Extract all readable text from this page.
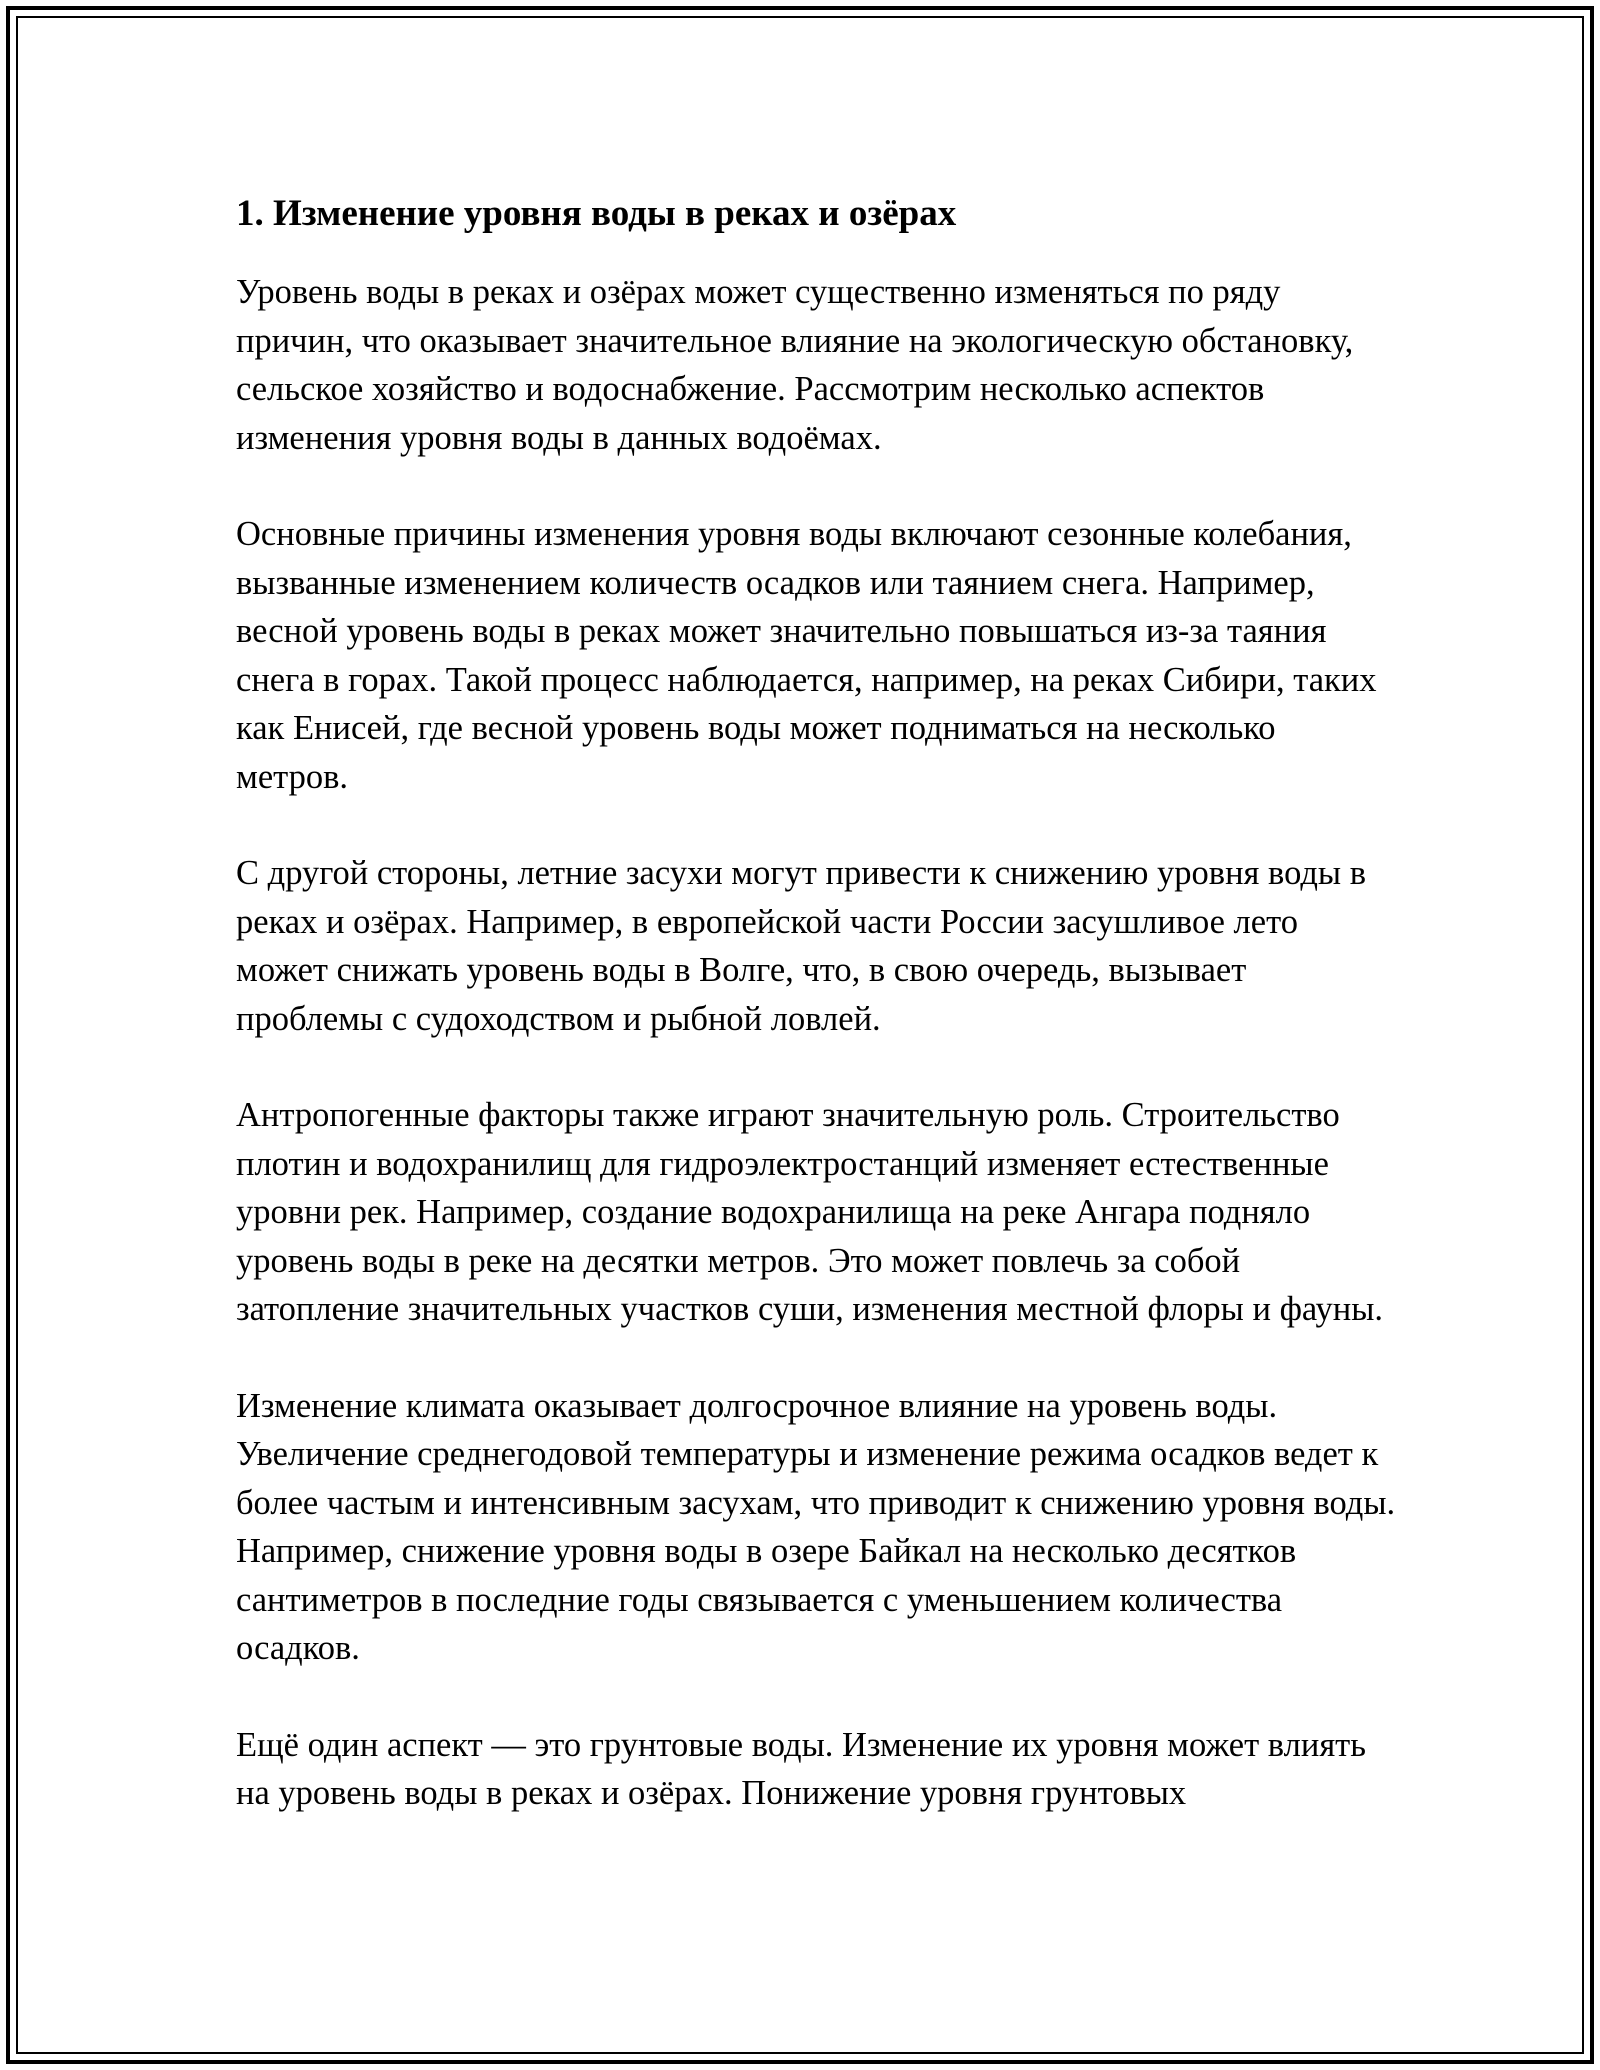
1. Изменение уровня воды в реках и озёрах

Уровень воды в реках и озёрах может существенно изменяться по ряду причин, что оказывает значительное влияние на экологическую обстановку, сельское хозяйство и водоснабжение. Рассмотрим несколько аспектов изменения уровня воды в данных водоёмах.

Основные причины изменения уровня воды включают сезонные колебания, вызванные изменением количеств осадков или таянием снега. Например, весной уровень воды в реках может значительно повышаться из-за таяния снега в горах. Такой процесс наблюдается, например, на реках Сибири, таких как Енисей, где весной уровень воды может подниматься на несколько метров.

С другой стороны, летние засухи могут привести к снижению уровня воды в реках и озёрах. Например, в европейской части России засушливое лето может снижать уровень воды в Волге, что, в свою очередь, вызывает проблемы с судоходством и рыбной ловлей.

Антропогенные факторы также играют значительную роль. Строительство плотин и водохранилищ для гидроэлектростанций изменяет естественные уровни рек. Например, создание водохранилища на реке Ангара подняло уровень воды в реке на десятки метров. Это может повлечь за собой затопление значительных участков суши, изменения местной флоры и фауны.

Изменение климата оказывает долгосрочное влияние на уровень воды. Увеличение среднегодовой температуры и изменение режима осадков ведет к более частым и интенсивным засухам, что приводит к снижению уровня воды. Например, снижение уровня воды в озере Байкал на несколько десятков сантиметров в последние годы связывается с уменьшением количества осадков.

Ещё один аспект — это грунтовые воды. Изменение их уровня может влиять на уровень воды в реках и озёрах. Понижение уровня грунтовых
